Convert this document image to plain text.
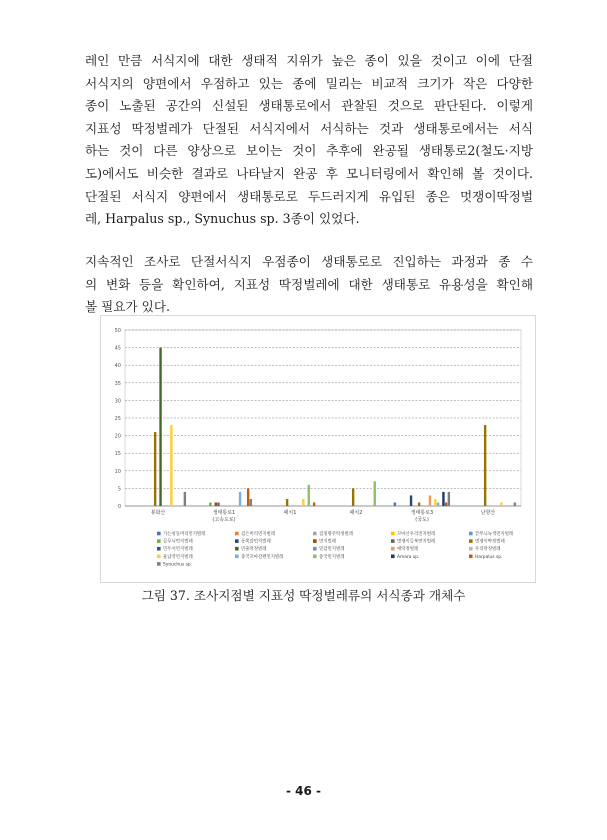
레인 만큼 서식지에 대한 생태적 지위가 높은 종이 있을 것이고 이에 단절
서식지의 양편에서 우점하고 있는 종에 밀리는 비교적 크기가 작은 다양한
종이 노출된 공간의 신설된 생태통로에서 관찰된 것으로 판단된다. 이렇게
지표성 딱정벌레가 단절된 서식지에서 서식하는 것과 생태통로에서는 서식
하는 것이 다른 양상으로 보이는 것이 추후에 완공될 생태통로2(철도·지방
도)에서도 비슷한 결과로 나타날지 완공 후 모니터링에서 확인해 볼 것이다.
단절된 서식지 양편에서 생태통로로 두드러지게 유입된 종은 멋쟁이딱정벌
레, Harpalus sp., Synuchus sp. 3종이 있었다.
지속적인 조사로 단절서식지 우점종이 생태통로로 진입하는 과정과 종 수
의 변화 등을 확인하여, 지표성 딱정벌레에 대한 생태통로 유용성을 확인해
볼 필요가 있다.
0
5
10
15
20
25
30
35
40
45
50
봉화산	생태통로1
(고속도로)
패치1	패치2	생태통로3
(국도)
난향산
가는청동머리먼지벌레	검은머리먼지벌레	검정명주딱정벌레	꼬마산우리먼지벌레	끝무늬녹색먼지벌레
끝무늬먼지벌레	동쪽갈먼지벌레	먼지벌레	멋쟁이들북먼지벌레	멋쟁이딱정벌레
민두서먼지벌레	민줄딱정벌레	밑감먼지벌레	애딱정벌레	우리딱정벌레
율납작먼지벌레	중국꼬마갈렌먼지벌레	중국먼지벌레	Amara sp.	Harpalus sp.
Synuchus sp.
그림 37. 조사지점별 지표성 딱정벌레류의 서식종과 개체수
- 46 -
